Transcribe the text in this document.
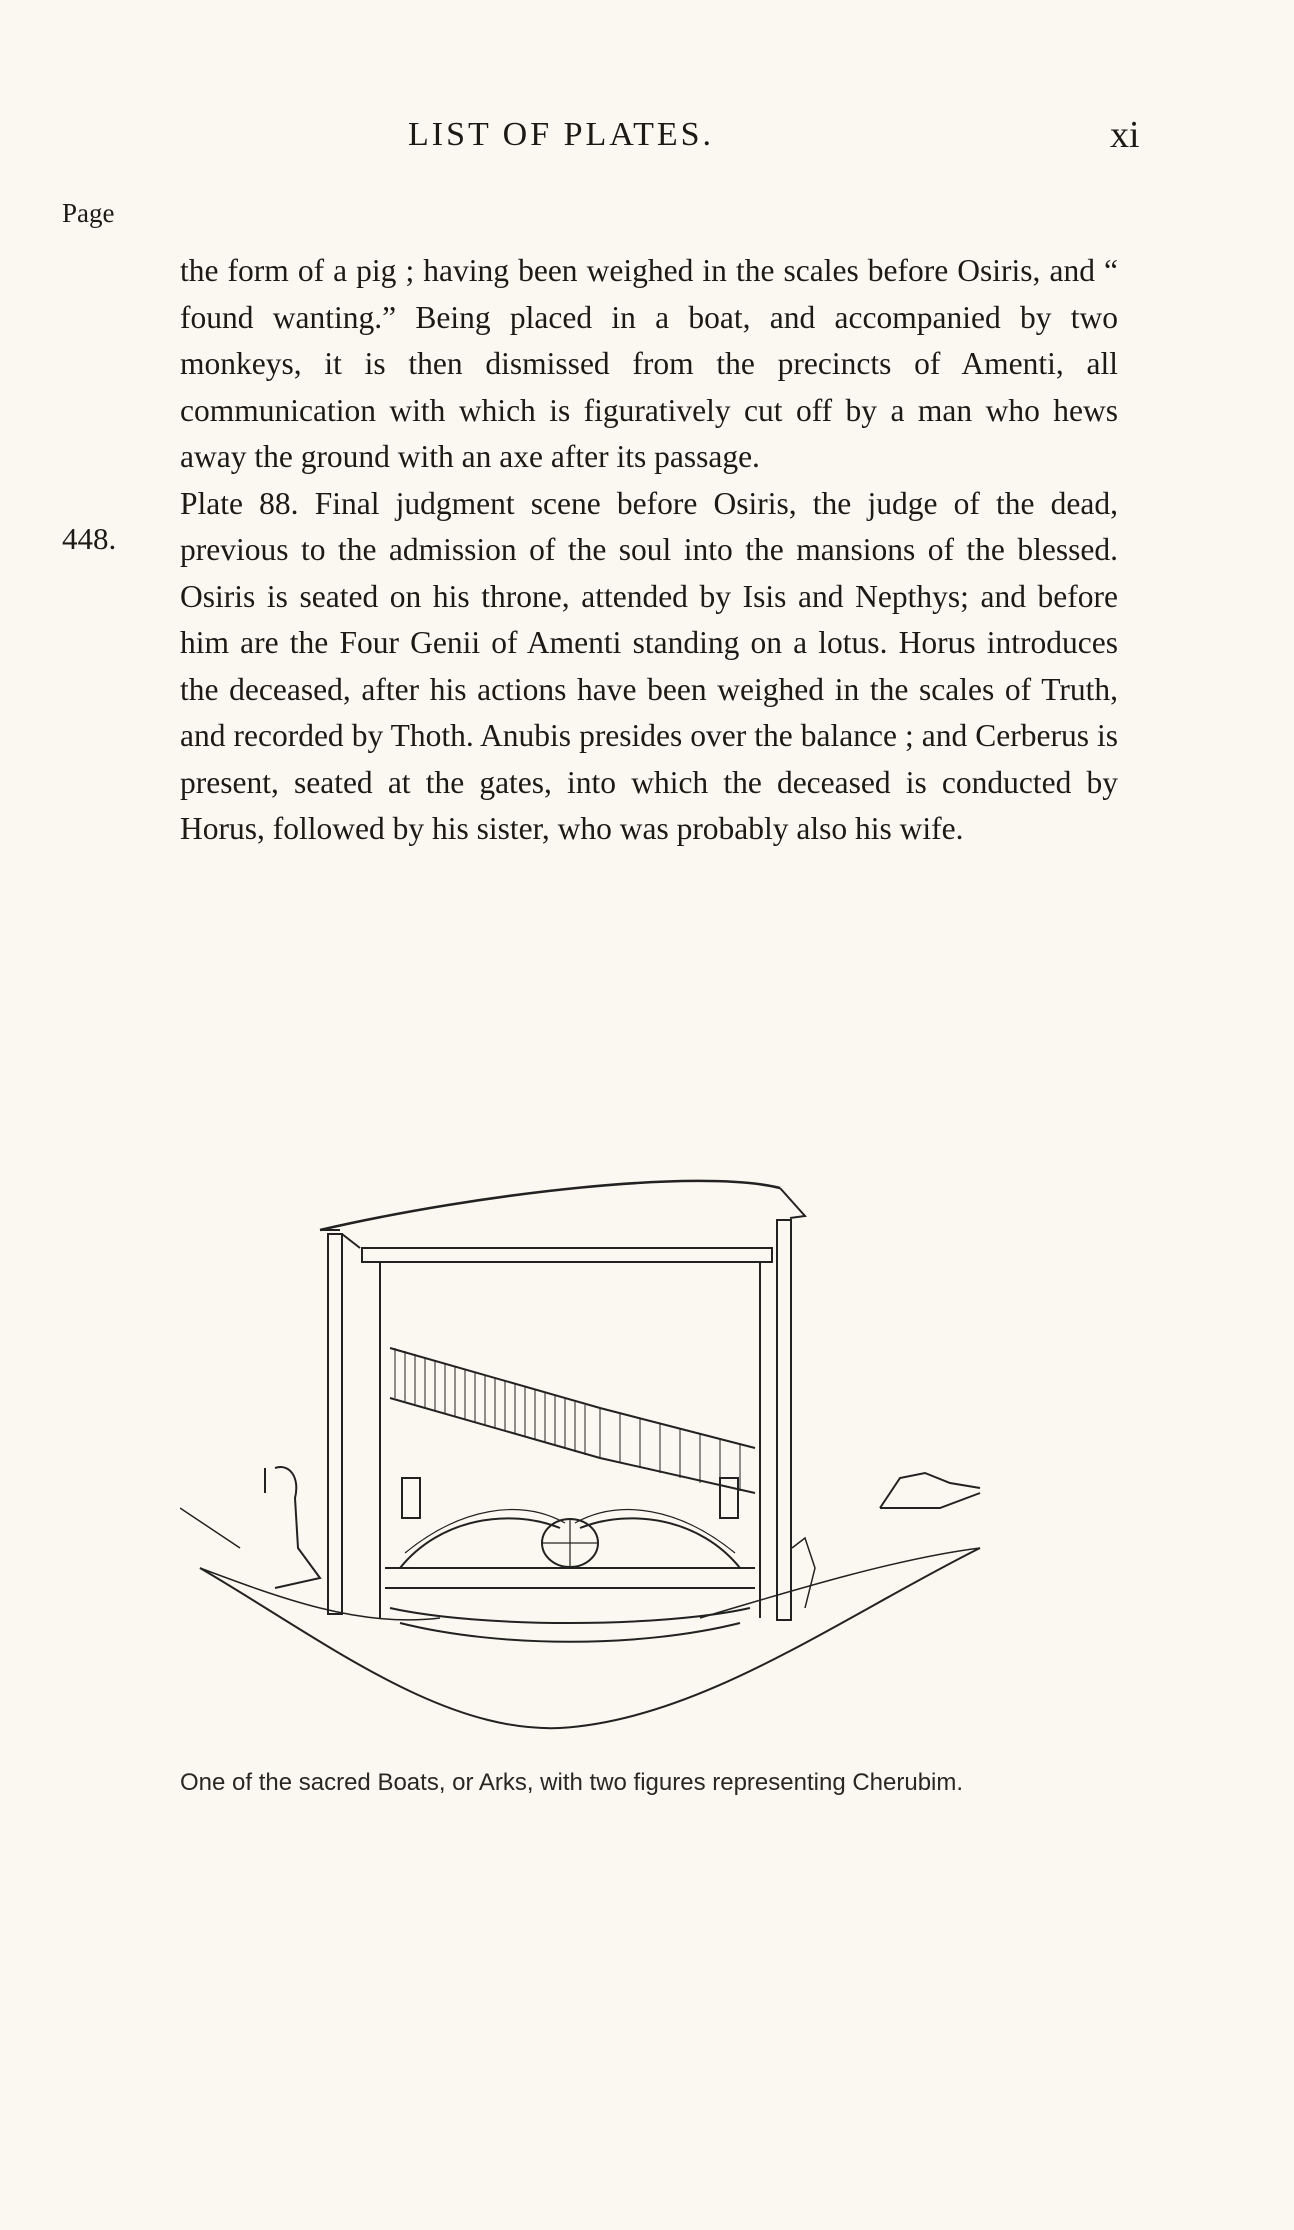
LIST OF PLATES.	xi
Page
448.

the form of a pig ; having been weighed in the scales before Osiris, and “ found wanting.” Being placed in a boat, and accompanied by two monkeys, it is then dismissed from the precincts of Amenti, all communication with which is figuratively cut off by a man who hews away the ground with an axe after its passage.

Plate 88. Final judgment scene before Osiris, the judge of the dead, previous to the admission of the soul into the mansions of the blessed. Osiris is seated on his throne, attended by Isis and Nepthys; and before him are the Four Genii of Amenti standing on a lotus. Horus introduces the deceased, after his actions have been weighed in the scales of Truth, and recorded by Thoth. Anubis presides over the balance ; and Cerberus is present, seated at the gates, into which the deceased is conducted by Horus, followed by his sister, who was probably also his wife.

One of the sacred Boats, or Arks, with two figures representing Cherubim.
